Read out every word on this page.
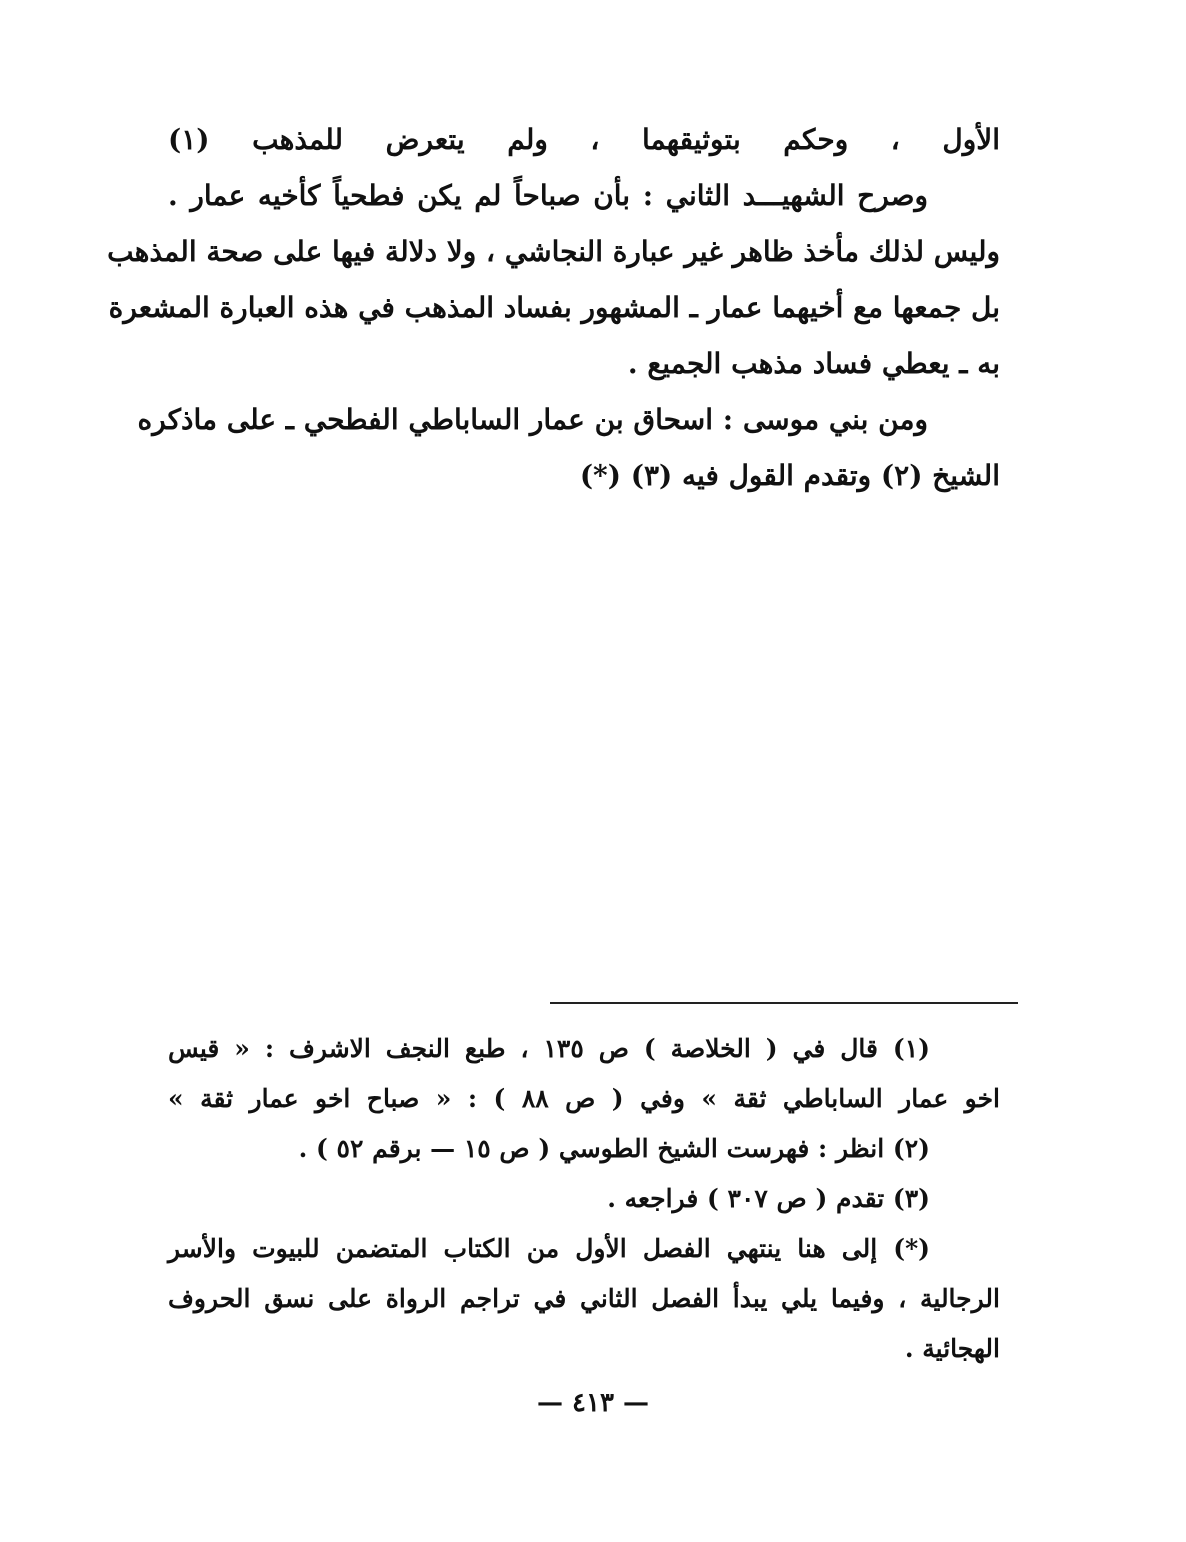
الأول ، وحكم بتوثيقهما ، ولم يتعرض للمذهب (١)
وصرح الشهيـــد الثاني : بأن صباحاً لم يكن فطحياً كأخيه عمار .
وليس لذلك مأخذ ظاهر غير عبارة النجاشي ، ولا دلالة فيها على صحة المذهب
بل جمعها مع أخيهما عمار ـ المشهور بفساد المذهب في هذه العبارة المشعرة
به ـ يعطي فساد مذهب الجميع .
ومن بني موسى : اسحاق بن عمار الساباطي الفطحي ـ على ماذكره
الشيخ (٢) وتقدم القول فيه (٣) (*)
(١) قال في ( الخلاصة ) ص ١٣٥ ، طبع النجف الاشرف : « قيس
اخو عمار الساباطي ثقة » وفي ( ص ٨٨ ) : « صباح اخو عمار ثقة »
(٢) انظر : فهرست الشيخ الطوسي ( ص ١٥ — برقم ٥٢ ) .
(٣) تقدم ( ص ٣٠٧ ) فراجعه .
(*) إلى هنا ينتهي الفصل الأول من الكتاب المتضمن للبيوت والأسر
الرجالية ، وفيما يلي يبدأ الفصل الثاني في تراجم الرواة على نسق الحروف
الهجائية .
— ٤١٣ —
